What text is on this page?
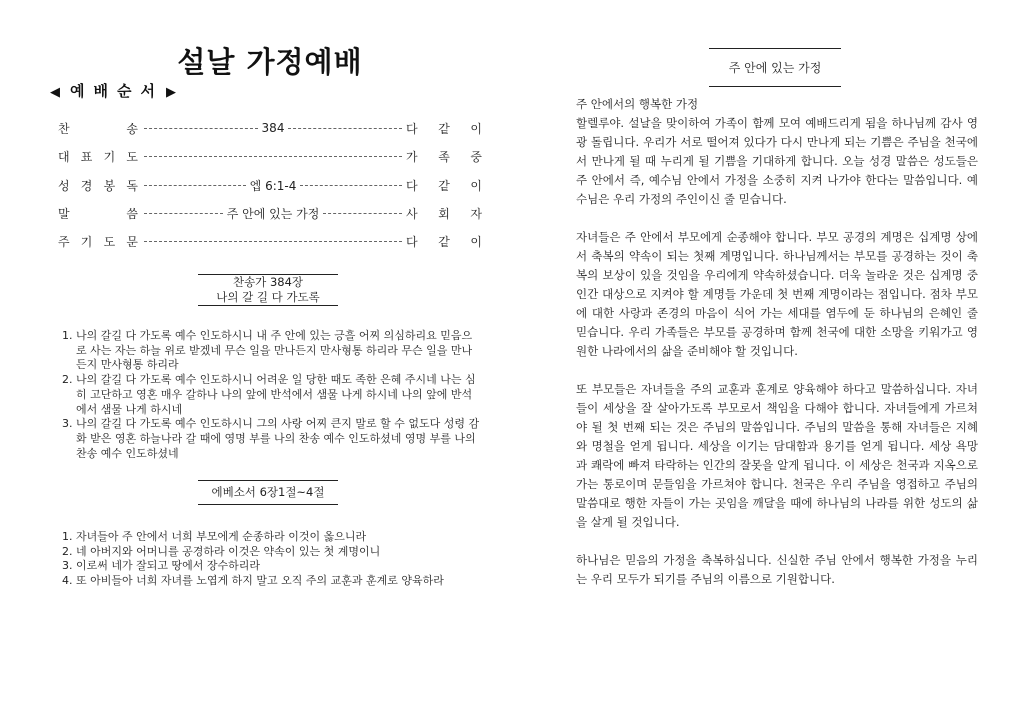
설날 가정예배
◀ 예배순서 ▶
찬	송	384	다 같 이
대 표 기 도	가 족 중
성 경 봉 독	엡 6:1-4	다 같 이
말	씀	주 안에 있는 가정	사 회 자
주 기 도 문	다 같 이
찬송가 384장
나의 갈 길 다 가도록
1. 나의 갈길 다 가도록 예수 인도하시니 내 주 안에 있는 긍흘 어찌 의심하리요 믿음으로 사는 자는 하늘 위로 받겠네 무슨 일을 만나든지 만사형통 하리라 무슨 일을 만나든지 만사형통 하리라
2. 나의 갈길 다 가도록 예수 인도하시니 어려운 일 당한 때도 족한 은혜 주시네 나는 심히 고단하고 영혼 매우 갈하나 나의 앞에 반석에서 샘물 나게 하시네 나의 앞에 반석에서 샘물 나게 하시네
3. 나의 갈길 다 가도록 예수 인도하시니 그의 사랑 어찌 큰지 말로 할 수 없도다 성령 감화 받은 영혼 하늘나라 갈 때에 영명 부를 나의 찬송 예수 인도하셨네 영명 부를 나의 찬송 예수 인도하셨네
에베소서 6장1절~4절
1. 자녀들아 주 안에서 너희 부모에게 순종하라 이것이 옳으니라
2. 네 아버지와 어머니를 공경하라 이것은 약속이 있는 첫 계명이니
3. 이로써 네가 잘되고 땅에서 장수하리라
4. 또 아비들아 너희 자녀를 노엽게 하지 말고 오직 주의 교훈과 훈계로 양육하라
주 안에 있는 가정

주 안에서의 행복한 가정

할렐루야. 설날을 맞이하여 가족이 함께 모여 예배드리게 됨을 하나님께 감사 영광 돌립니다. 우리가 서로 떨어져 있다가 다시 만나게 되는 기쁨은 주님을 천국에서 만나게 될 때 누리게 될 기쁨을 기대하게 합니다. 오늘 성경 말씀은 성도들은 주 안에서 즉, 예수님 안에서 가정을 소중히 지켜 나가야 한다는 말씀입니다. 예수님은 우리 가정의 주인이신 줄 믿습니다.

자녀들은 주 안에서 부모에게 순종해야 합니다. 부모 공경의 계명은 십계명 상에서 축복의 약속이 되는 첫째 계명입니다. 하나님께서는 부모를 공경하는 것이 축복의 보상이 있을 것임을 우리에게 약속하셨습니다. 더욱 놀라운 것은 십계명 중 인간 대상으로 지켜야 할 계명들 가운데 첫 번째 계명이라는 점입니다. 점차 부모에 대한 사랑과 존경의 마음이 식어 가는 세대를 염두에 둔 하나님의 은혜인 줄 믿습니다. 우리 가족들은 부모를 공경하며 함께 천국에 대한 소망을 키워가고 영원한 나라에서의 삶을 준비해야 할 것입니다.

또 부모들은 자녀들을 주의 교훈과 훈계로 양육해야 하다고 말씀하십니다. 자녀들이 세상을 잘 살아가도록 부모로서 책임을 다해야 합니다. 자녀들에게 가르쳐야 될 첫 번째 되는 것은 주님의 말씀입니다. 주님의 말씀을 통해 자녀들은 지혜와 명철을 얻게 됩니다. 세상을 이기는 담대함과 용기를 얻게 됩니다. 세상 욕망과 쾌락에 빠져 타락하는 인간의 잘못을 알게 됩니다. 이 세상은 천국과 지옥으로 가는 통로이며 문들임을 가르쳐야 합니다. 천국은 우리 주님을 영접하고 주님의 말씀대로 행한 자들이 가는 곳임을 깨달을 때에 하나님의 나라를 위한 성도의 삶을 살게 될 것입니다.

하나님은 믿음의 가정을 축복하십니다. 신실한 주님 안에서 행복한 가정을 누리는 우리 모두가 되기를 주님의 이름으로 기원합니다.
